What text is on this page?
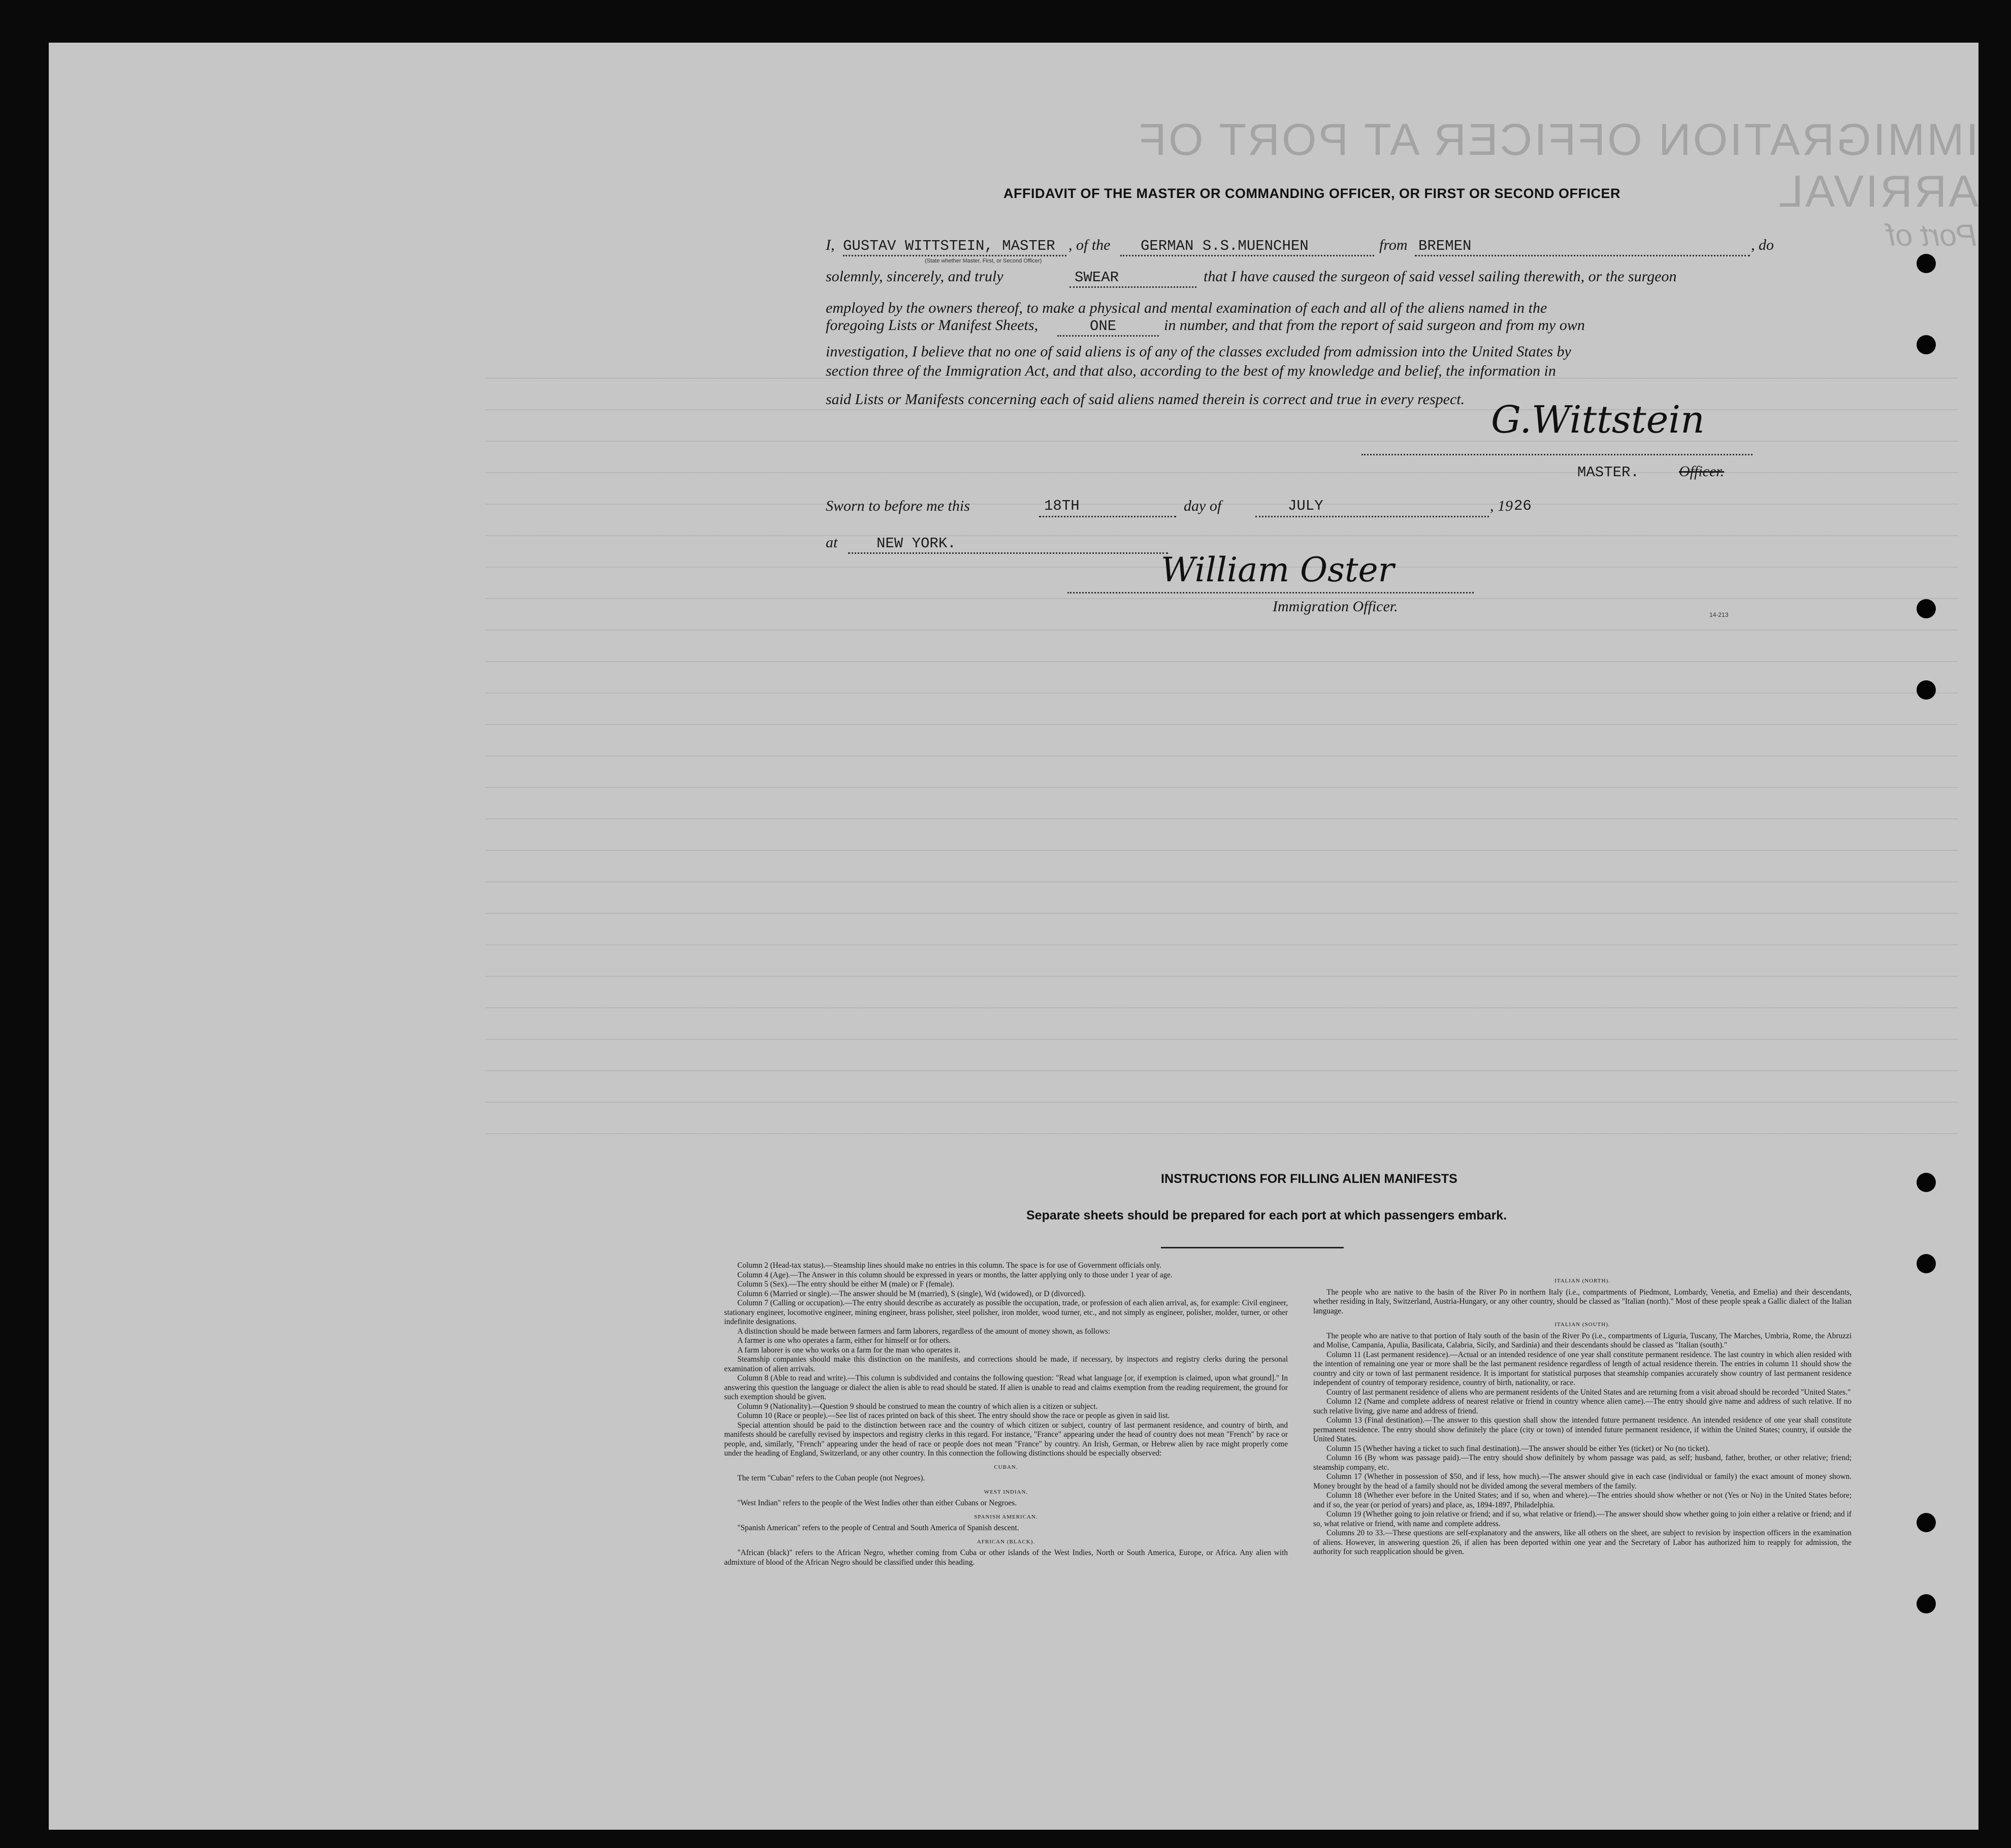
IMMIGRATION OFFICER AT PORT OF ARRIVAL
Port of
AFFIDAVIT OF THE MASTER OR COMMANDING OFFICER, OR FIRST OR SECOND OFFICER
I, GUSTAV WITTSTEIN, MASTER
(State whether Master, First, or Second Officer)
, of the GERMAN S.S.MUENCHEN	from BREMEN	, do
solemnly, sincerely, and truly	SWEAR	that I have caused the surgeon of said vessel sailing therewith, or the surgeon
employed by the owners thereof, to make a physical and mental examination of each and all of the aliens named in the
foregoing Lists or Manifest Sheets,	ONE	in number, and that from the report of said surgeon and from my own
investigation, I believe that no one of said aliens is of any of the classes excluded from admission into the United States by
section three of the Immigration Act, and that also, according to the best of my knowledge and belief, the information in
said Lists or Manifests concerning each of said aliens named therein is correct and true in every respect. G.Wittstein
MASTER.	Officer.
Sworn to before me this	18TH	day of	JULY	, 19 26
at	NEW YORK.
William Oster
Immigration Officer.	14-213
INSTRUCTIONS FOR FILLING ALIEN MANIFESTS
Separate sheets should be prepared for each port at which passengers embark.

Column 2 (Head-tax status).—Steamship lines should make no entries in this column. The space is for use of Government officials only.

Column 4 (Age).—The Answer in this column should be expressed in years or months, the latter applying only to those under 1 year of age.

Column 5 (Sex).—The entry should be either M (male) or F (female).

Column 6 (Married or single).—The answer should be M (married), S (single), Wd (widowed), or D (divorced).

Column 7 (Calling or occupation).—The entry should describe as accurately as possible the occupation, trade, or profession of each alien arrival, as, for example: Civil engineer, stationary engineer, locomotive engineer, mining engineer, brass polisher, steel polisher, iron molder, wood turner, etc., and not simply as engineer, polisher, molder, turner, or other indefinite designations.

A distinction should be made between farmers and farm laborers, regardless of the amount of money shown, as follows:

A farmer is one who operates a farm, either for himself or for others.

A farm laborer is one who works on a farm for the man who operates it.

Steamship companies should make this distinction on the manifests, and corrections should be made, if necessary, by inspectors and registry clerks during the personal examination of alien arrivals.

Column 8 (Able to read and write).—This column is subdivided and contains the following question: "Read what language [or, if exemption is claimed, upon what ground]." In answering this question the language or dialect the alien is able to read should be stated. If alien is unable to read and claims exemption from the reading requirement, the ground for such exemption should be given.

Column 9 (Nationality).—Question 9 should be construed to mean the country of which alien is a citizen or subject.

Column 10 (Race or people).—See list of races printed on back of this sheet. The entry should show the race or people as given in said list.

Special attention should be paid to the distinction between race and the country of which citizen or subject, country of last permanent residence, and country of birth, and manifests should be carefully revised by inspectors and registry clerks in this regard. For instance, "France" appearing under the head of country does not mean "French" by race or people, and, similarly, "French" appearing under the head of race or people does not mean "France" by country. An Irish, German, or Hebrew alien by race might properly come under the heading of England, Switzerland, or any other country. In this connection the following distinctions should be especially observed:

CUBAN.

The term "Cuban" refers to the Cuban people (not Negroes).

WEST INDIAN.

"West Indian" refers to the people of the West Indies other than either Cubans or Negroes.

SPANISH AMERICAN.

"Spanish American" refers to the people of Central and South America of Spanish descent.

AFRICAN (BLACK).

"African (black)" refers to the African Negro, whether coming from Cuba or other islands of the West Indies, North or South America, Europe, or Africa. Any alien with admixture of blood of the African Negro should be classified under this heading.

ITALIAN (NORTH).

The people who are native to the basin of the River Po in northern Italy (i.e., compartments of Piedmont, Lombardy, Venetia, and Emelia) and their descendants, whether residing in Italy, Switzerland, Austria-Hungary, or any other country, should be classed as "Italian (north)." Most of these people speak a Gallic dialect of the Italian language.

ITALIAN (SOUTH).

The people who are native to that portion of Italy south of the basin of the River Po (i.e., compartments of Liguria, Tuscany, The Marches, Umbria, Rome, the Abruzzi and Molise, Campania, Apulia, Basilicata, Calabria, Sicily, and Sardinia) and their descendants should be classed as "Italian (south)."

Column 11 (Last permanent residence).—Actual or an intended residence of one year shall constitute permanent residence. The last country in which alien resided with the intention of remaining one year or more shall be the last permanent residence regardless of length of actual residence therein. The entries in column 11 should show the country and city or town of last permanent residence. It is important for statistical purposes that steamship companies accurately show country of last permanent residence independent of country of temporary residence, country of birth, nationality, or race.

Country of last permanent residence of aliens who are permanent residents of the United States and are returning from a visit abroad should be recorded "United States."

Column 12 (Name and complete address of nearest relative or friend in country whence alien came).—The entry should give name and address of such relative. If no such relative living, give name and address of friend.

Column 13 (Final destination).—The answer to this question shall show the intended future permanent residence. An intended residence of one year shall constitute permanent residence. The entry should show definitely the place (city or town) of intended future permanent residence, if within the United States; country, if outside the United States.

Column 15 (Whether having a ticket to such final destination).—The answer should be either Yes (ticket) or No (no ticket).

Column 16 (By whom was passage paid).—The entry should show definitely by whom passage was paid, as self; husband, father, brother, or other relative; friend; steamship company, etc.

Column 17 (Whether in possession of $50, and if less, how much).—The answer should give in each case (individual or family) the exact amount of money shown. Money brought by the head of a family should not be divided among the several members of the family.

Column 18 (Whether ever before in the United States; and if so, when and where).—The entries should show whether or not (Yes or No) in the United States before; and if so, the year (or period of years) and place, as, 1894-1897, Philadelphia.

Column 19 (Whether going to join relative or friend; and if so, what relative or friend).—The answer should show whether going to join either a relative or friend; and if so, what relative or friend, with name and complete address.

Columns 20 to 33.—These questions are self-explanatory and the answers, like all others on the sheet, are subject to revision by inspection officers in the examination of aliens. However, in answering question 26, if alien has been deported within one year and the Secretary of Labor has authorized him to reapply for admission, the authority for such reapplication should be given.
